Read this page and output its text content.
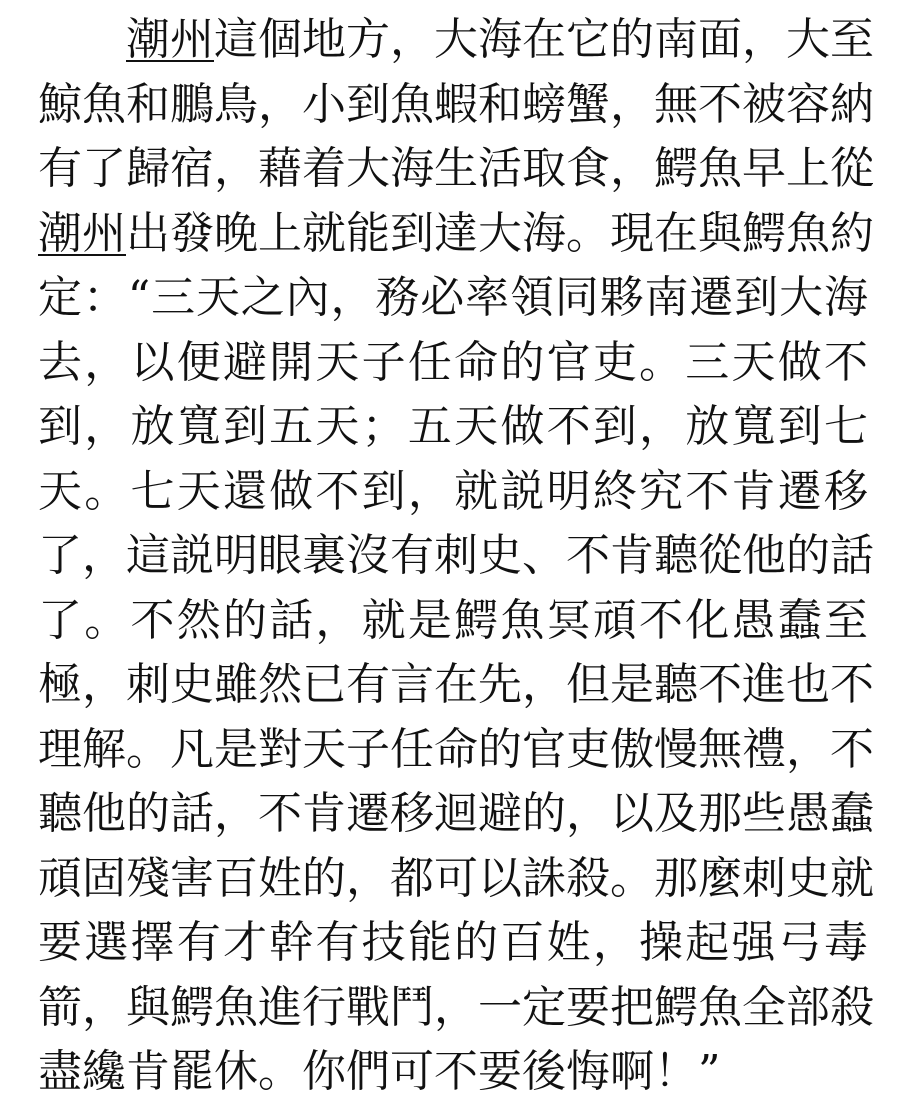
潮州這個地方，大海在它的南面，大至
鯨魚和鵬鳥，小到魚蝦和螃蟹，無不被容納
有了歸宿，藉着大海生活取食，鰐魚早上從
潮州出發晚上就能到達大海。現在與鰐魚約
定：“三天之內，務必率領同夥南遷到大海
去，以便避開天子任命的官吏。三天做不
到，放寬到五天；五天做不到，放寬到七
天。七天還做不到，就説明終究不肯遷移
了，這説明眼裏沒有刺史、不肯聽從他的話
了。不然的話，就是鰐魚冥頑不化愚蠢至
極，刺史雖然已有言在先，但是聽不進也不
理解。凡是對天子任命的官吏傲慢無禮，不
聽他的話，不肯遷移迴避的，以及那些愚蠢
頑固殘害百姓的，都可以誅殺。那麼刺史就
要選擇有才幹有技能的百姓，操起强弓毒
箭，與鰐魚進行戰鬥，一定要把鰐魚全部殺
盡纔肯罷休。你們可不要後悔啊！”
